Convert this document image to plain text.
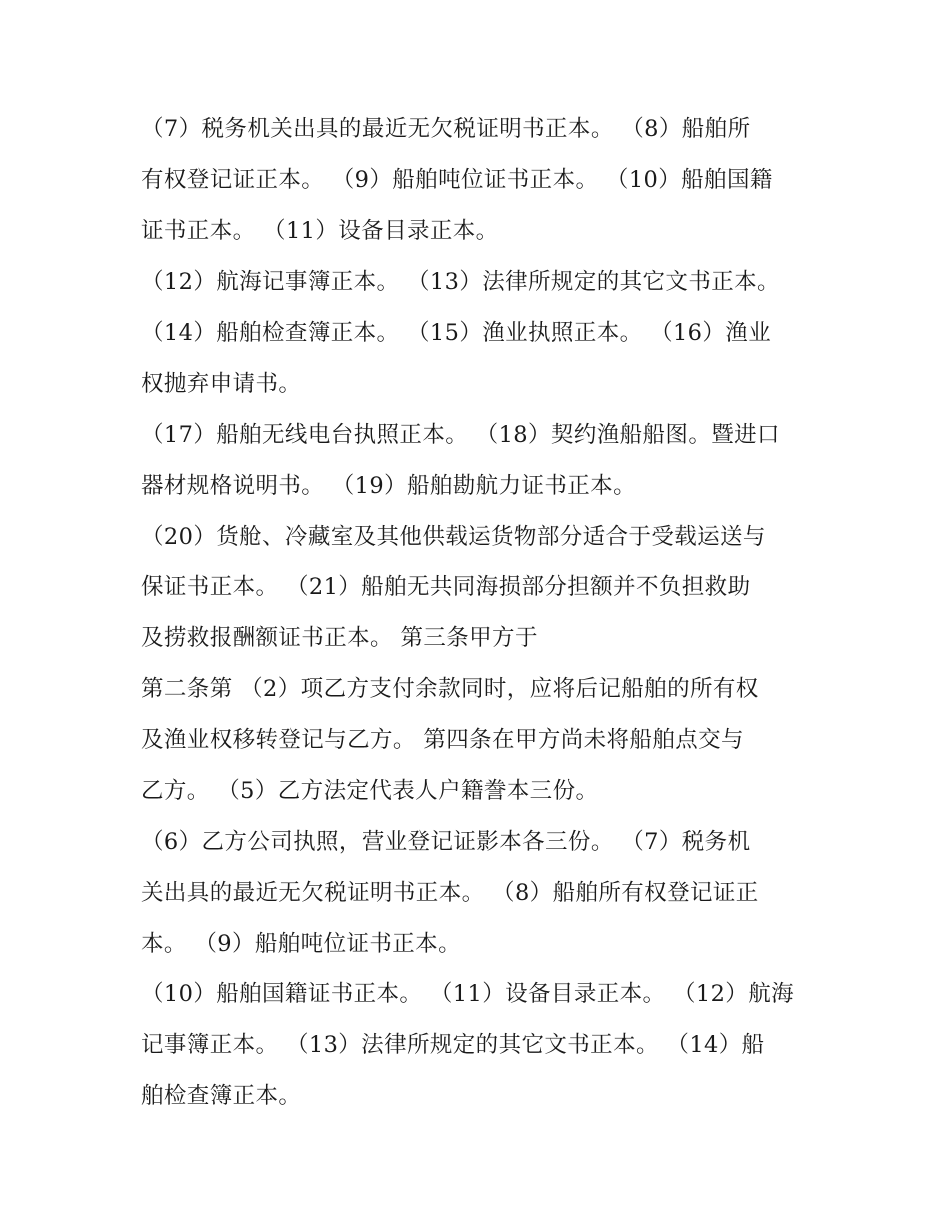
（7）税务机关出具的最近无欠税证明书正本。 （8）船舶所
有权登记证正本。 （9）船舶吨位证书正本。 （10）船舶国籍
证书正本。 （11）设备目录正本。
（12）航海记事簿正本。 （13）法律所规定的其它文书正本。
（14）船舶检查簿正本。 （15）渔业执照正本。 （16）渔业
权抛弃申请书。
（17）船舶无线电台执照正本。 （18）契约渔船船图。暨进口
器材规格说明书。 （19）船舶勘航力证书正本。
（20）货舱、冷藏室及其他供载运货物部分适合于受载运送与
保证书正本。 （21）船舶无共同海损部分担额并不负担救助
及捞救报酬额证书正本。 第三条甲方于
第二条第 （2）项乙方支付余款同时，应将后记船舶的所有权
及渔业权移转登记与乙方。 第四条在甲方尚未将船舶点交与
乙方。 （5）乙方法定代表人户籍誊本三份。
（6）乙方公司执照，营业登记证影本各三份。 （7）税务机
关出具的最近无欠税证明书正本。 （8）船舶所有权登记证正
本。 （9）船舶吨位证书正本。
（10）船舶国籍证书正本。 （11）设备目录正本。 （12）航海
记事簿正本。 （13）法律所规定的其它文书正本。 （14）船
舶检查簿正本。
